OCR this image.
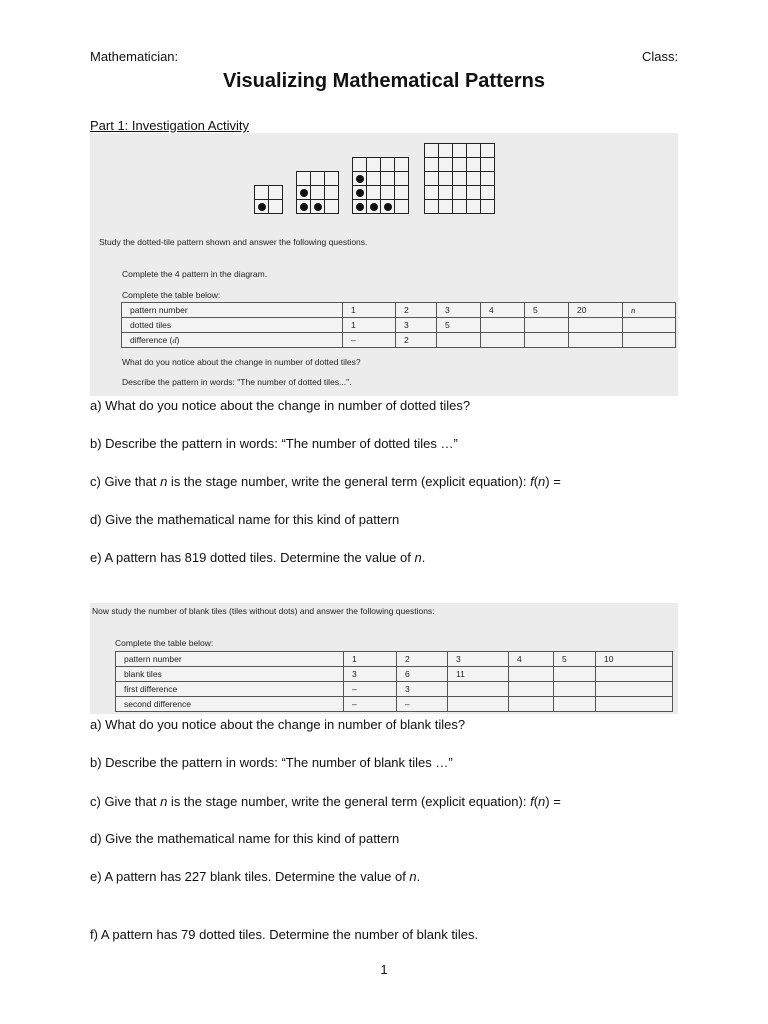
Mathematician:	Class:
Visualizing Mathematical Patterns
Part 1: Investigation Activity
Study the dotted-tile pattern shown and answer the following questions.
Complete the 4 pattern in the diagram.
Complete the table below:
pattern number	1	2	3	4	5	20	n
dotted tiles	1	3	5				
difference (d)	–	2					
What do you notice about the change in number of dotted tiles?
Describe the pattern in words: "The number of dotted tiles...".
a) What do you notice about the change in number of dotted tiles?
b) Describe the pattern in words: “The number of dotted tiles …”
c) Give that n is the stage number, write the general term (explicit equation): f(n) =
d) Give the mathematical name for this kind of pattern
e) A pattern has 819 dotted tiles. Determine the value of n.
Now study the number of blank tiles (tiles without dots) and answer the following questions:
Complete the table below:
pattern number	1	2	3	4	5	10
blank tiles	3	6	11			
first difference	–	3				
second difference	–	–				
a) What do you notice about the change in number of blank tiles?
b) Describe the pattern in words: “The number of blank tiles …”
c) Give that n is the stage number, write the general term (explicit equation): f(n) =
d) Give the mathematical name for this kind of pattern
e) A pattern has 227 blank tiles. Determine the value of n.
f) A pattern has 79 dotted tiles. Determine the number of blank tiles.
1
